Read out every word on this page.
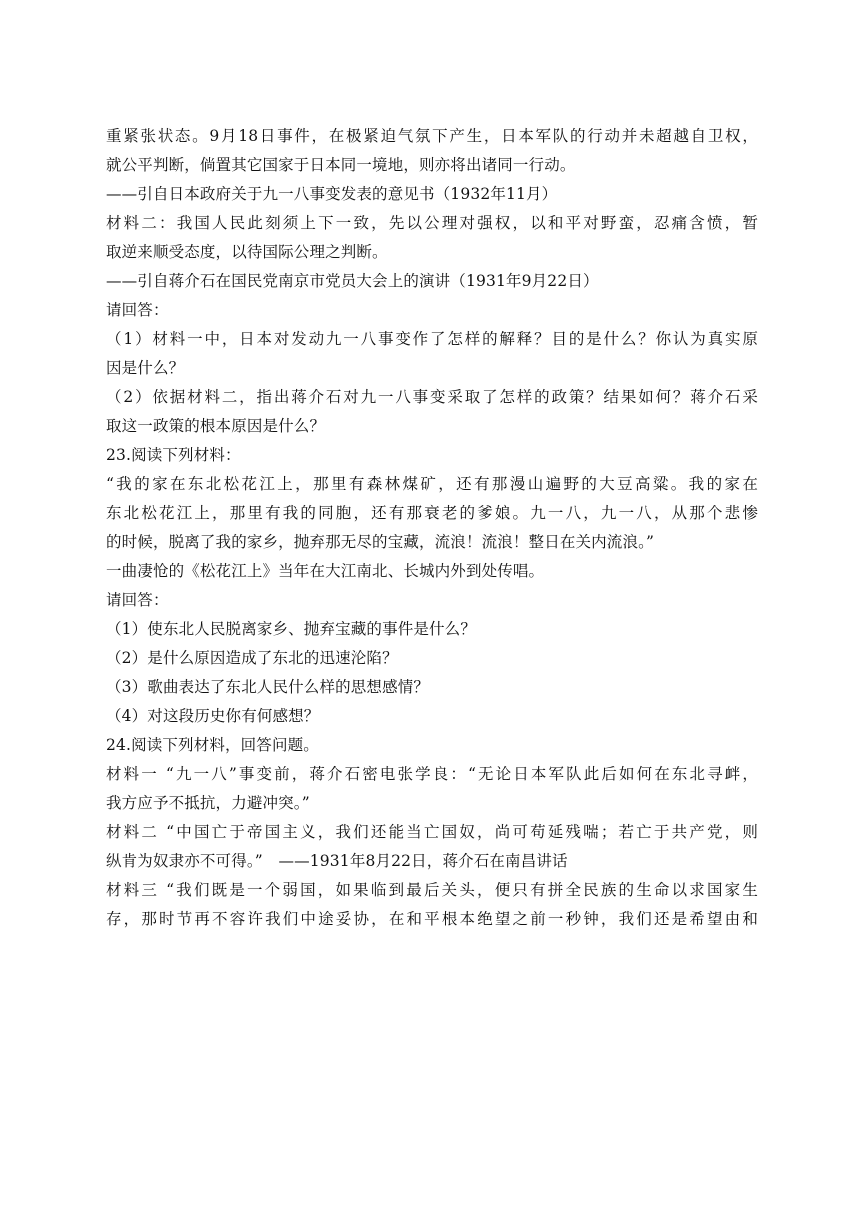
重紧张状态。9月18日事件，在极紧迫气氛下产生，日本军队的行动并未超越自卫权，
就公平判断，倘置其它国家于日本同一境地，则亦将出诸同一行动。
——引自日本政府关于九一八事变发表的意见书（1932年11月）
材料二：我国人民此刻须上下一致，先以公理对强权，以和平对野蛮，忍痛含愤，暂
取逆来顺受态度，以待国际公理之判断。
——引自蒋介石在国民党南京市党员大会上的演讲（1931年9月22日）
请回答：
（1）材料一中，日本对发动九一八事变作了怎样的解释？目的是什么？你认为真实原
因是什么？
（2）依据材料二，指出蒋介石对九一八事变采取了怎样的政策？结果如何？蒋介石采
取这一政策的根本原因是什么？
23.阅读下列材料：
“我的家在东北松花江上，那里有森林煤矿，还有那漫山遍野的大豆高粱。我的家在
东北松花江上，那里有我的同胞，还有那衰老的爹娘。九一八，九一八，从那个悲惨
的时候，脱离了我的家乡，抛弃那无尽的宝藏，流浪！流浪！整日在关内流浪。”
一曲凄怆的《松花江上》当年在大江南北、长城内外到处传唱。
请回答：
（1）使东北人民脱离家乡、抛弃宝藏的事件是什么？
（2）是什么原因造成了东北的迅速沦陷？
（3）歌曲表达了东北人民什么样的思想感情？
（4）对这段历史你有何感想？
24.阅读下列材料，回答问题。
材料一 “九一八”事变前，蒋介石密电张学良：“无论日本军队此后如何在东北寻衅，
我方应予不抵抗，力避冲突。”
材料二 “中国亡于帝国主义，我们还能当亡国奴，尚可苟延残喘；若亡于共产党，则
纵肯为奴隶亦不可得。”　——1931年8月22日，蒋介石在南昌讲话
材料三 “我们既是一个弱国，如果临到最后关头，便只有拼全民族的生命以求国家生
存，那时节再不容许我们中途妥协，在和平根本绝望之前一秒钟，我们还是希望由和
